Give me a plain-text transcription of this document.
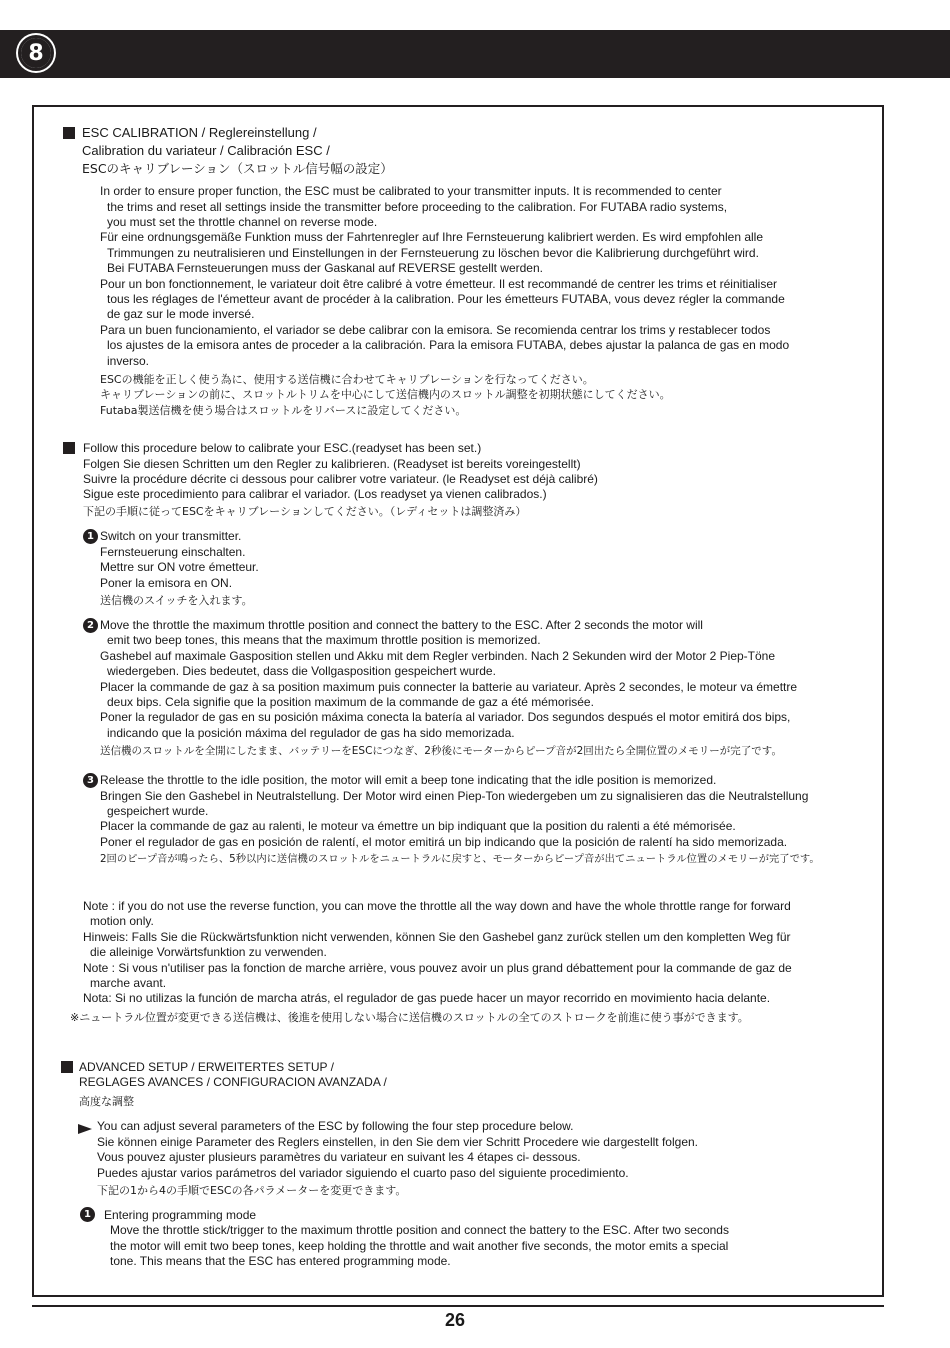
8
ESC CALIBRATION / Reglereinstellung /
Calibration du variateur / Calibración ESC /
ESCのキャリブレーション（スロットル信号幅の設定）
In order to ensure proper function, the ESC must be calibrated to your transmitter inputs. It is recommended to center
the trims and reset all settings inside the transmitter before proceeding to the calibration. For FUTABA radio systems,
you must set the throttle channel on reverse mode.
Für eine ordnungsgemäße Funktion muss der Fahrtenregler auf Ihre Fernsteuerung kalibriert werden. Es wird empfohlen alle
Trimmungen zu neutralisieren und Einstellungen in der Fernsteuerung zu löschen bevor die Kalibrierung durchgeführt wird.
Bei FUTABA Fernsteuerungen muss der Gaskanal auf REVERSE gestellt werden.
Pour un bon fonctionnement, le variateur doit être calibré à votre émetteur. Il est recommandé de centrer les trims et réinitialiser
tous les réglages de l'émetteur avant de procéder à la calibration. Pour les émetteurs FUTABA, vous devez régler la commande
de gaz sur le mode inversé.
Para un buen funcionamiento, el variador se debe calibrar con la emisora. Se recomienda centrar los trims y restablecer todos
los ajustes de la emisora antes de proceder a la calibración. Para la emisora FUTABA, debes ajustar la palanca de gas en modo
inverso.
ESCの機能を正しく使う為に、使用する送信機に合わせてキャリブレーションを行なってください。
キャリブレーションの前に、スロットルトリムを中心にして送信機内のスロットル調整を初期状態にしてください。
Futaba製送信機を使う場合はスロットルをリバースに設定してください。
Follow this procedure below to calibrate your ESC.(readyset has been set.)
Folgen Sie diesen Schritten um den Regler zu kalibrieren. (Readyset ist bereits voreingestellt)
Suivre la procédure décrite ci dessous pour calibrer votre variateur. (le Readyset est déjà calibré)
Sigue este procedimiento para calibrar el variador. (Los readyset ya vienen calibrados.)
下記の手順に従ってESCをキャリブレーションしてください。（レディセットは調整済み）
1 Switch on your transmitter.
Fernsteuerung einschalten.
Mettre sur ON votre émetteur.
Poner la emisora en ON.
送信機のスイッチを入れます。
2 Move the throttle the maximum throttle position and connect the battery to the ESC. After 2 seconds the motor will
emit two beep tones, this means that the maximum throttle position is memorized.
Gashebel auf maximale Gasposition stellen und Akku mit dem Regler verbinden. Nach 2 Sekunden wird der Motor 2 Piep-Töne
wiedergeben. Dies bedeutet, dass die Vollgasposition gespeichert wurde.
Placer la commande de gaz à sa position maximum puis connecter la batterie au variateur. Après 2 secondes, le moteur va émettre
deux bips. Cela signifie que la position maximum de la commande de gaz a été mémorisée.
Poner la regulador de gas en su posición máxima conecta la batería al variador. Dos segundos después el motor emitirá dos bips,
indicando que la posición máxima del regulador de gas ha sido memorizada.
送信機のスロットルを全開にしたまま、バッテリーをESCにつなぎ、2秒後にモーターからピープ音が2回出たら全開位置のメモリーが完了です。
3 Release the throttle to the idle position, the motor will emit a beep tone indicating that the idle position is memorized.
Bringen Sie den Gashebel in Neutralstellung. Der Motor wird einen Piep-Ton wiedergeben um zu signalisieren das die Neutralstellung
gespeichert wurde.
Placer la commande de gaz au ralenti, le moteur va émettre un bip indiquant que la position du ralenti a été mémorisée.
Poner el regulador de gas en posición de ralentí, el motor emitirá un bip indicando que la posición de ralentí ha sido memorizada.
2回のピープ音が鳴ったら、5秒以内に送信機のスロットルをニュートラルに戻すと、モーターからピープ音が出てニュートラル位置のメモリーが完了です。
Note : if you do not use the reverse function, you can move the throttle all the way down and have the whole throttle range for forward
motion only.
Hinweis: Falls Sie die Rückwärtsfunktion nicht verwenden, können Sie den Gashebel ganz zurück stellen um den kompletten Weg für
die alleinige Vorwärtsfunktion zu verwenden.
Note : Si vous n'utiliser pas la fonction de marche arrière, vous pouvez avoir un plus grand débattement pour la commande de gaz de
marche avant.
Nota: Si no utilizas la función de marcha atrás, el regulador de gas puede hacer un mayor recorrido en movimiento hacia delante.
※ニュートラル位置が変更できる送信機は、後進を使用しない場合に送信機のスロットルの全てのストロークを前進に使う事ができます。
ADVANCED SETUP / ERWEITERTES SETUP /
REGLAGES AVANCES / CONFIGURACION AVANZADA /
高度な調整
You can adjust several parameters of the ESC by following the four step procedure below.
Sie können einige Parameter des Reglers einstellen, in den Sie dem vier Schritt Procedere wie dargestellt folgen.
Vous pouvez ajuster plusieurs paramètres du variateur en suivant les 4 étapes ci- dessous.
Puedes ajustar varios parámetros del variador siguiendo el cuarto paso del siguiente procedimiento.
下記の1から4の手順でESCの各パラメーターを変更できます。
1	Entering programming mode
Move the throttle stick/trigger to the maximum throttle position and connect the battery to the ESC. After two seconds
the motor will emit two beep tones, keep holding the throttle and wait another five seconds, the motor emits a special
tone. This means that the ESC has entered programming mode.
26
